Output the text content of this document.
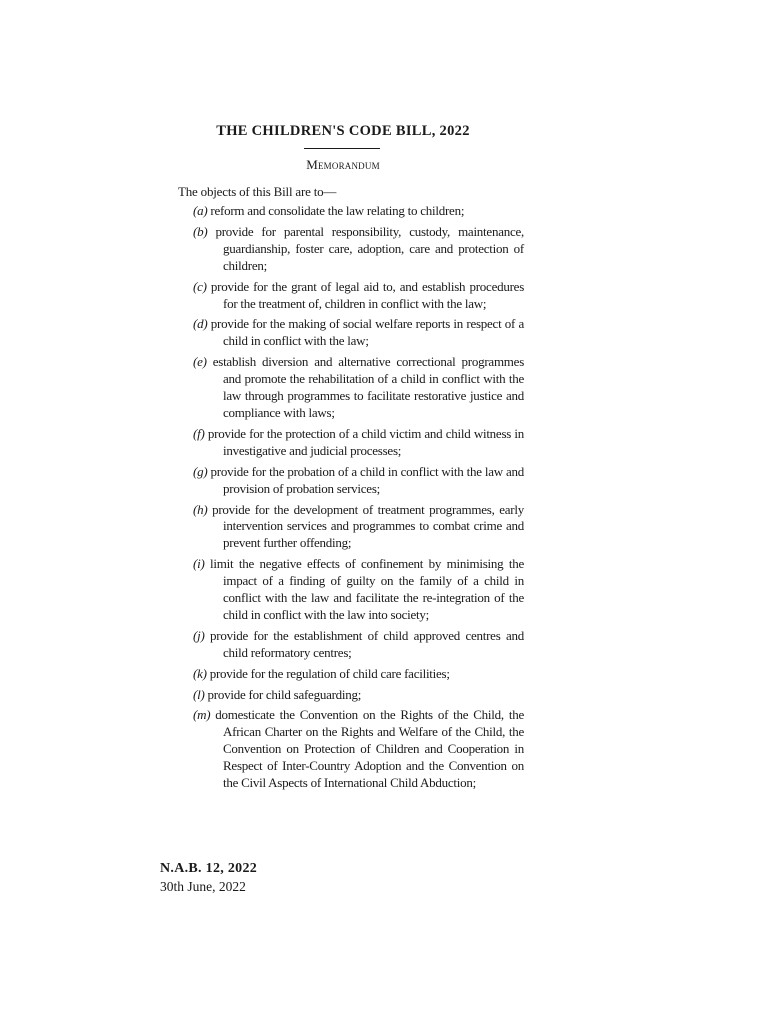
THE CHILDREN'S CODE BILL, 2022
Memorandum
The objects of this Bill are to—
(a) reform and consolidate the law relating to children;
(b) provide for parental responsibility, custody, maintenance, guardianship, foster care, adoption, care and protection of children;
(c) provide for the grant of legal aid to, and establish procedures for the treatment of, children in conflict with the law;
(d) provide for the making of social welfare reports in respect of a child in conflict with the law;
(e) establish diversion and alternative correctional programmes and promote the rehabilitation of a child in conflict with the law through programmes to facilitate restorative justice and compliance with laws;
(f) provide for the protection of a child victim and child witness in investigative and judicial processes;
(g) provide for the probation of a child in conflict with the law and provision of probation services;
(h) provide for the development of treatment programmes, early intervention services and programmes to combat crime and prevent further offending;
(i) limit the negative effects of confinement by minimising the impact of a finding of guilty on the family of a child in conflict with the law and facilitate the re-integration of the child in conflict with the law into society;
(j) provide for the establishment of child approved centres and child reformatory centres;
(k) provide for the regulation of child care facilities;
(l) provide for child safeguarding;
(m) domesticate the Convention on the Rights of the Child, the African Charter on the Rights and Welfare of the Child, the Convention on Protection of Children and Cooperation in Respect of Inter-Country Adoption and the Convention on the Civil Aspects of International Child Abduction;
N.A.B. 12, 2022
30th June, 2022
